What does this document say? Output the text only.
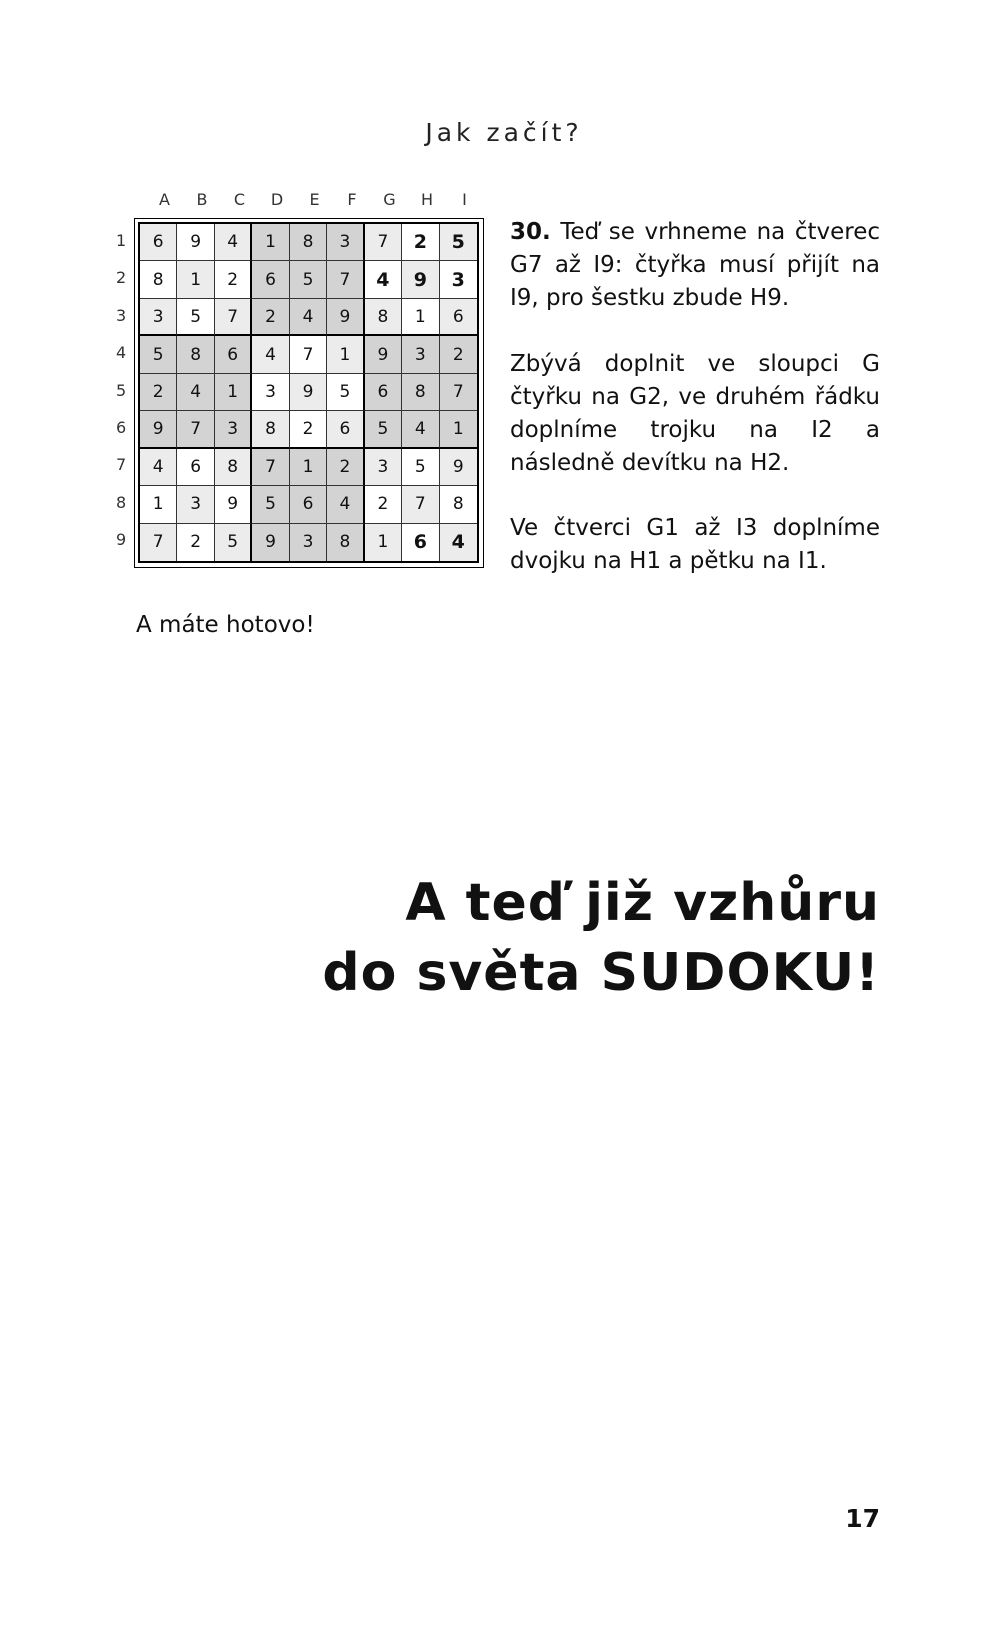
Jak začít?
A	B	C	D	E	F	G	H	I
1
2
3
4
5
6
7
8
9
6	9	4	1	8	3	7	2	5
8	1	2	6	5	7	4	9	3
3	5	7	2	4	9	8	1	6
5	8	6	4	7	1	9	3	2
2	4	1	3	9	5	6	8	7
9	7	3	8	2	6	5	4	1
4	6	8	7	1	2	3	5	9
1	3	9	5	6	4	2	7	8
7	2	5	9	3	8	1	6	4
30. Teď se vrhneme na čtverec G7 až I9: čtyřka musí přijít na I9, pro šestku zbude H9.
Zbývá doplnit ve sloupci G čtyřku na G2, ve druhém řádku doplníme trojku na I2 a následně devítku na H2.
Ve čtverci G1 až I3 doplníme dvojku na H1 a pětku na I1.
A máte hotovo!
A teď již vzhůru
do světa SUDOKU!
17
